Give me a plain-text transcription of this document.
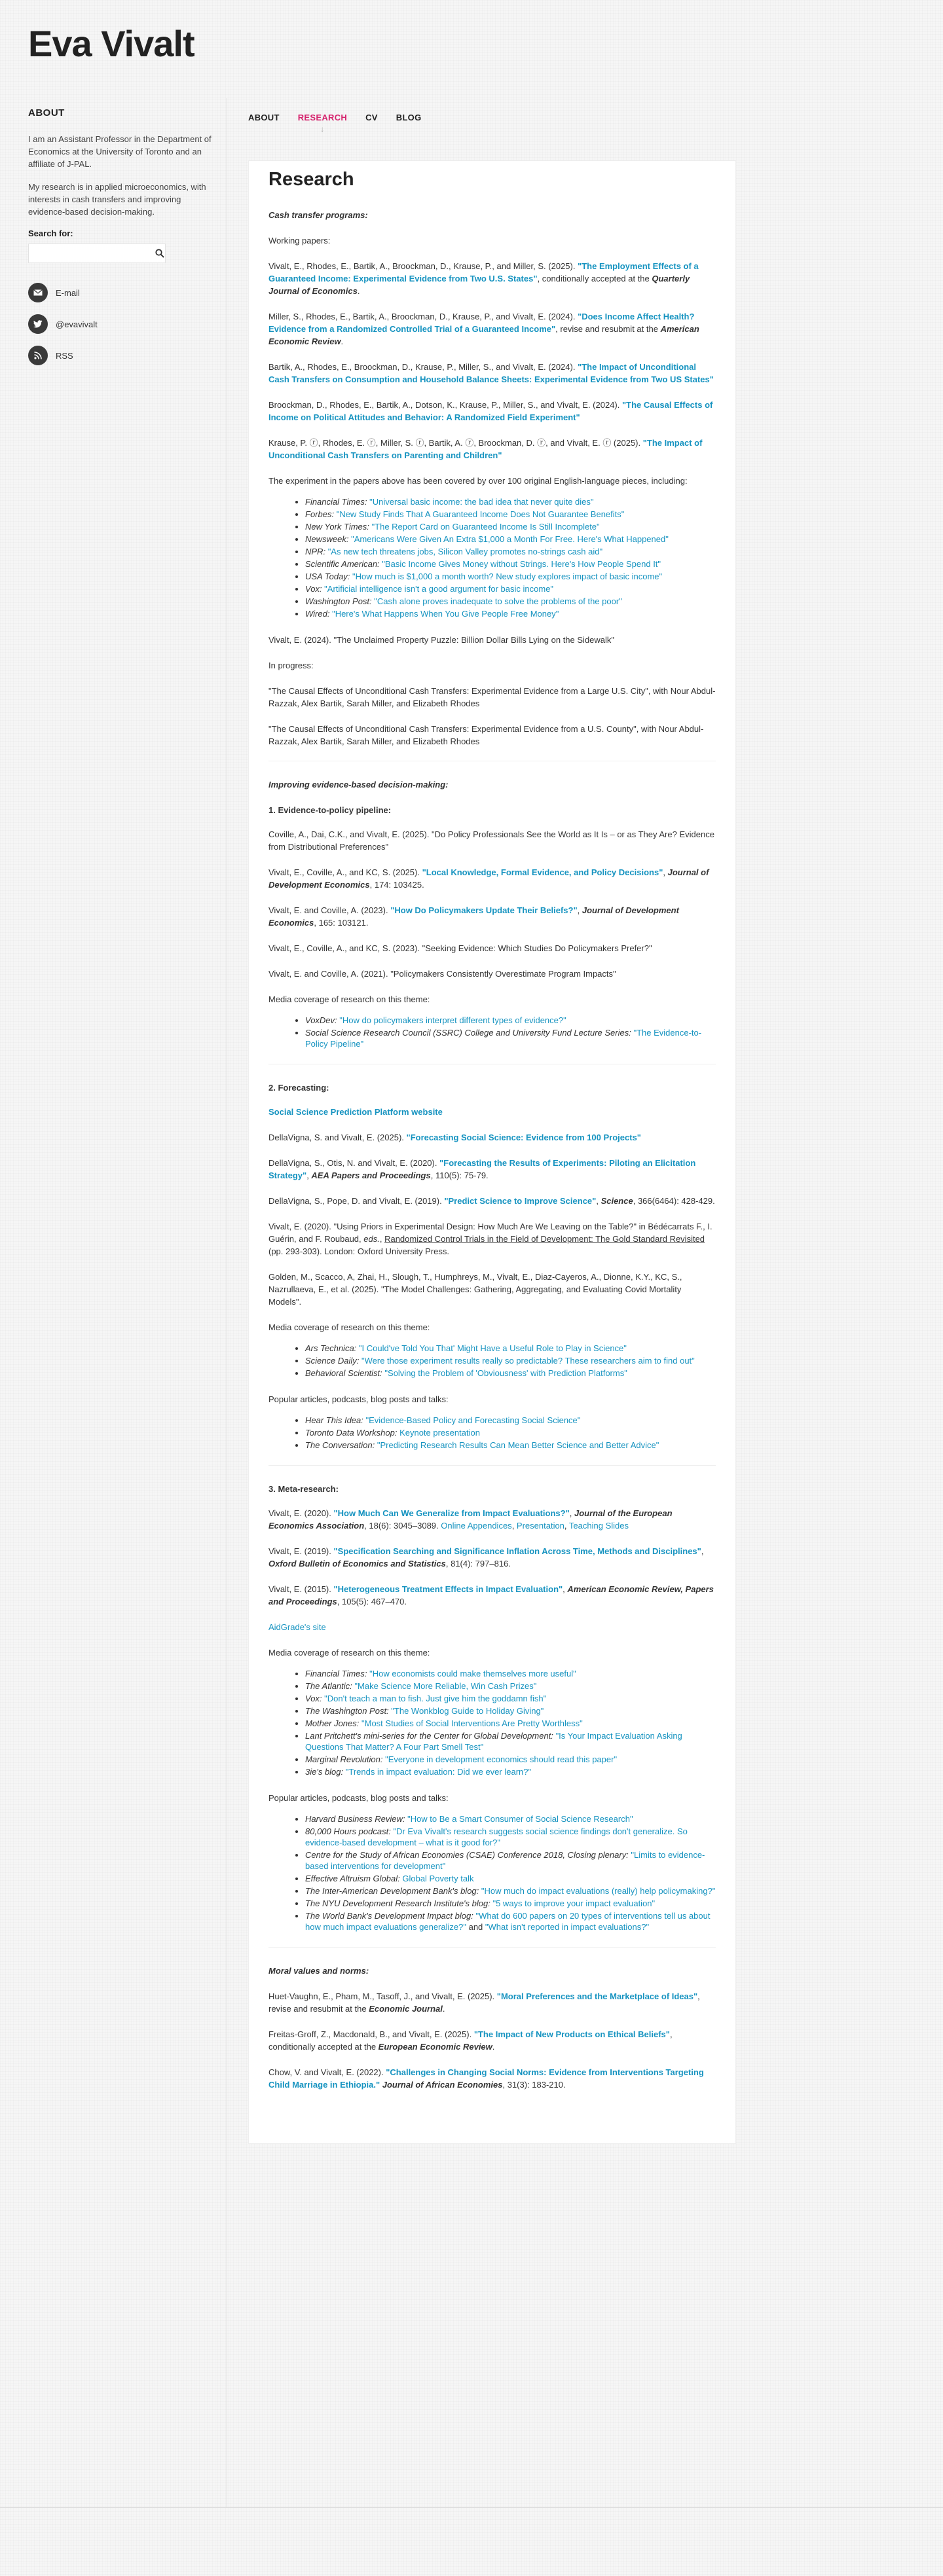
Eva Vivalt
ABOUT

I am an Assistant Professor in the Department of Economics at the University of Toronto and an affiliate of J-PAL.

My research is in applied microeconomics, with interests in cash transfers and improving evidence-based decision-making.

Search for:
E-mail
@evavivalt
RSS
ABOUT RESEARCH
↓
CV BLOG
Research

Cash transfer programs:

Working papers:

Vivalt, E., Rhodes, E., Bartik, A., Broockman, D., Krause, P., and Miller, S. (2025). "The Employment Effects of a Guaranteed Income: Experimental Evidence from Two U.S. States", conditionally accepted at the Quarterly Journal of Economics.

Miller, S., Rhodes, E., Bartik, A., Broockman, D., Krause, P., and Vivalt, E. (2024). "Does Income Affect Health? Evidence from a Randomized Controlled Trial of a Guaranteed Income", revise and resubmit at the American Economic Review.

Bartik, A., Rhodes, E., Broockman, D., Krause, P., Miller, S., and Vivalt, E. (2024). "The Impact of Unconditional Cash Transfers on Consumption and Household Balance Sheets: Experimental Evidence from Two US States"

Broockman, D., Rhodes, E., Bartik, A., Dotson, K., Krause, P., Miller, S., and Vivalt, E. (2024). "The Causal Effects of Income on Political Attitudes and Behavior: A Randomized Field Experiment"

Krause, P. ⓡ, Rhodes, E. ⓡ, Miller, S. ⓡ, Bartik, A. ⓡ, Broockman, D. ⓡ, and Vivalt, E. ⓡ (2025). "The Impact of Unconditional Cash Transfers on Parenting and Children"

The experiment in the papers above has been covered by over 100 original English-language pieces, including:

• Financial Times: "Universal basic income: the bad idea that never quite dies"
• Forbes: "New Study Finds That A Guaranteed Income Does Not Guarantee Benefits"
• New York Times: "The Report Card on Guaranteed Income Is Still Incomplete"
• Newsweek: "Americans Were Given An Extra $1,000 a Month For Free. Here's What Happened"
• NPR: "As new tech threatens jobs, Silicon Valley promotes no-strings cash aid"
• Scientific American: "Basic Income Gives Money without Strings. Here's How People Spend It"
• USA Today: "How much is $1,000 a month worth? New study explores impact of basic income"
• Vox: "Artificial intelligence isn't a good argument for basic income"
• Washington Post: "Cash alone proves inadequate to solve the problems of the poor"
• Wired: "Here's What Happens When You Give People Free Money"

Vivalt, E. (2024). "The Unclaimed Property Puzzle: Billion Dollar Bills Lying on the Sidewalk"

In progress:

"The Causal Effects of Unconditional Cash Transfers: Experimental Evidence from a Large U.S. City", with Nour Abdul-Razzak, Alex Bartik, Sarah Miller, and Elizabeth Rhodes

"The Causal Effects of Unconditional Cash Transfers: Experimental Evidence from a U.S. County", with Nour Abdul-Razzak, Alex Bartik, Sarah Miller, and Elizabeth Rhodes

Improving evidence-based decision-making:

1. Evidence-to-policy pipeline:

Coville, A., Dai, C.K., and Vivalt, E. (2025). "Do Policy Professionals See the World as It Is – or as They Are? Evidence from Distributional Preferences"

Vivalt, E., Coville, A., and KC, S. (2025). "Local Knowledge, Formal Evidence, and Policy Decisions", Journal of Development Economics, 174: 103425.

Vivalt, E. and Coville, A. (2023). "How Do Policymakers Update Their Beliefs?", Journal of Development Economics, 165: 103121.

Vivalt, E., Coville, A., and KC, S. (2023). "Seeking Evidence: Which Studies Do Policymakers Prefer?"

Vivalt, E. and Coville, A. (2021). "Policymakers Consistently Overestimate Program Impacts"

Media coverage of research on this theme:

• VoxDev: "How do policymakers interpret different types of evidence?"
• Social Science Research Council (SSRC) College and University Fund Lecture Series: "The Evidence-to-Policy Pipeline"

2. Forecasting:

Social Science Prediction Platform website

DellaVigna, S. and Vivalt, E. (2025). "Forecasting Social Science: Evidence from 100 Projects"

DellaVigna, S., Otis, N. and Vivalt, E. (2020). "Forecasting the Results of Experiments: Piloting an Elicitation Strategy", AEA Papers and Proceedings, 110(5): 75-79.

DellaVigna, S., Pope, D. and Vivalt, E. (2019). "Predict Science to Improve Science", Science, 366(6464): 428-429.

Vivalt, E. (2020). "Using Priors in Experimental Design: How Much Are We Leaving on the Table?" in Bédécarrats F., I. Guérin, and F. Roubaud, eds., Randomized Control Trials in the Field of Development: The Gold Standard Revisited (pp. 293-303). London: Oxford University Press.

Golden, M., Scacco, A, Zhai, H., Slough, T., Humphreys, M., Vivalt, E., Diaz-Cayeros, A., Dionne, K.Y., KC, S., Nazrullaeva, E., et al. (2025). "The Model Challenges: Gathering, Aggregating, and Evaluating Covid Mortality Models".

Media coverage of research on this theme:

• Ars Technica: "I Could've Told You That' Might Have a Useful Role to Play in Science"
• Science Daily: "Were those experiment results really so predictable? These researchers aim to find out"
• Behavioral Scientist: "Solving the Problem of 'Obviousness' with Prediction Platforms"

Popular articles, podcasts, blog posts and talks:

• Hear This Idea: "Evidence-Based Policy and Forecasting Social Science"
• Toronto Data Workshop: Keynote presentation
• The Conversation: "Predicting Research Results Can Mean Better Science and Better Advice"

3. Meta-research:

Vivalt, E. (2020). "How Much Can We Generalize from Impact Evaluations?", Journal of the European Economics Association, 18(6): 3045–3089. Online Appendices, Presentation, Teaching Slides

Vivalt, E. (2019). "Specification Searching and Significance Inflation Across Time, Methods and Disciplines", Oxford Bulletin of Economics and Statistics, 81(4): 797–816.

Vivalt, E. (2015). "Heterogeneous Treatment Effects in Impact Evaluation", American Economic Review, Papers and Proceedings, 105(5): 467–470.

AidGrade's site

Media coverage of research on this theme:

• Financial Times: "How economists could make themselves more useful"
• The Atlantic: "Make Science More Reliable, Win Cash Prizes"
• Vox: "Don't teach a man to fish. Just give him the goddamn fish"
• The Washington Post: "The Wonkblog Guide to Holiday Giving"
• Mother Jones: "Most Studies of Social Interventions Are Pretty Worthless"
• Lant Pritchett's mini-series for the Center for Global Development: "Is Your Impact Evaluation Asking Questions That Matter? A Four Part Smell Test"
• Marginal Revolution: "Everyone in development economics should read this paper"
• 3ie's blog: "Trends in impact evaluation: Did we ever learn?"

Popular articles, podcasts, blog posts and talks:

• Harvard Business Review: "How to Be a Smart Consumer of Social Science Research"
• 80,000 Hours podcast: "Dr Eva Vivalt's research suggests social science findings don't generalize. So evidence-based development – what is it good for?"
• Centre for the Study of African Economies (CSAE) Conference 2018, Closing plenary: "Limits to evidence-based interventions for development"
• Effective Altruism Global: Global Poverty talk
• The Inter-American Development Bank's blog: "How much do impact evaluations (really) help policymaking?"
• The NYU Development Research Institute's blog: "5 ways to improve your impact evaluation"
• The World Bank's Development Impact blog: "What do 600 papers on 20 types of interventions tell us about how much impact evaluations generalize?" and "What isn't reported in impact evaluations?"

Moral values and norms:

Huet-Vaughn, E., Pham, M., Tasoff, J., and Vivalt, E. (2025). "Moral Preferences and the Marketplace of Ideas", revise and resubmit at the Economic Journal.

Freitas-Groff, Z., Macdonald, B., and Vivalt, E. (2025). "The Impact of New Products on Ethical Beliefs", conditionally accepted at the European Economic Review.

Chow, V. and Vivalt, E. (2022). "Challenges in Changing Social Norms: Evidence from Interventions Targeting Child Marriage in Ethiopia." Journal of African Economies, 31(3): 183-210.
